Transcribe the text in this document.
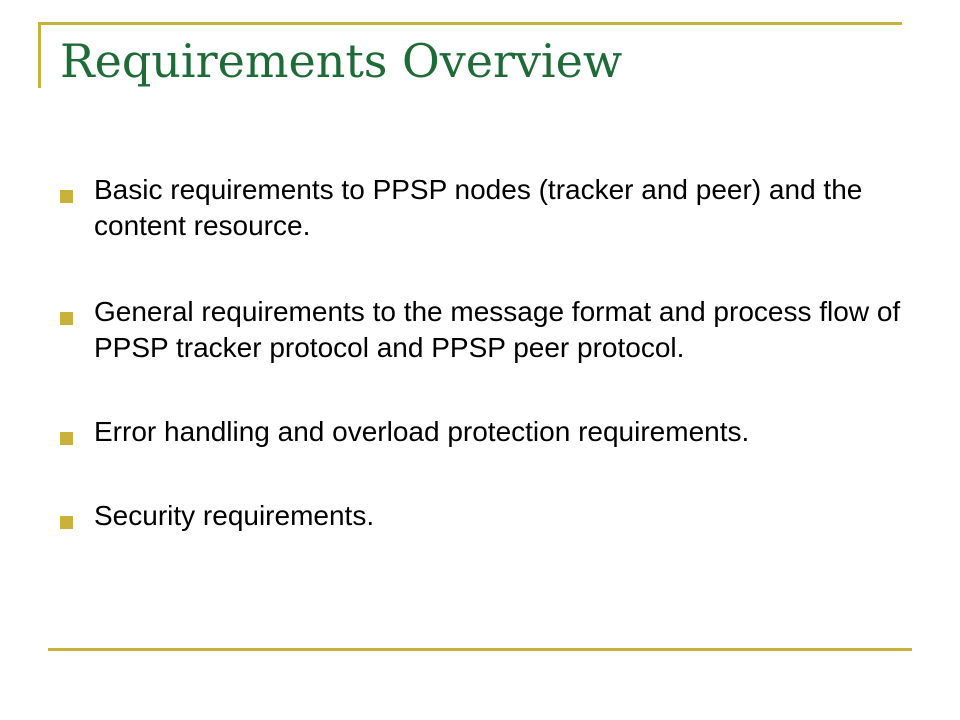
Requirements Overview
Basic requirements to PPSP nodes (tracker and peer) and the content resource.
General requirements to the message format and process flow of PPSP tracker protocol and PPSP peer protocol.
Error handling and overload protection requirements.
Security requirements.
